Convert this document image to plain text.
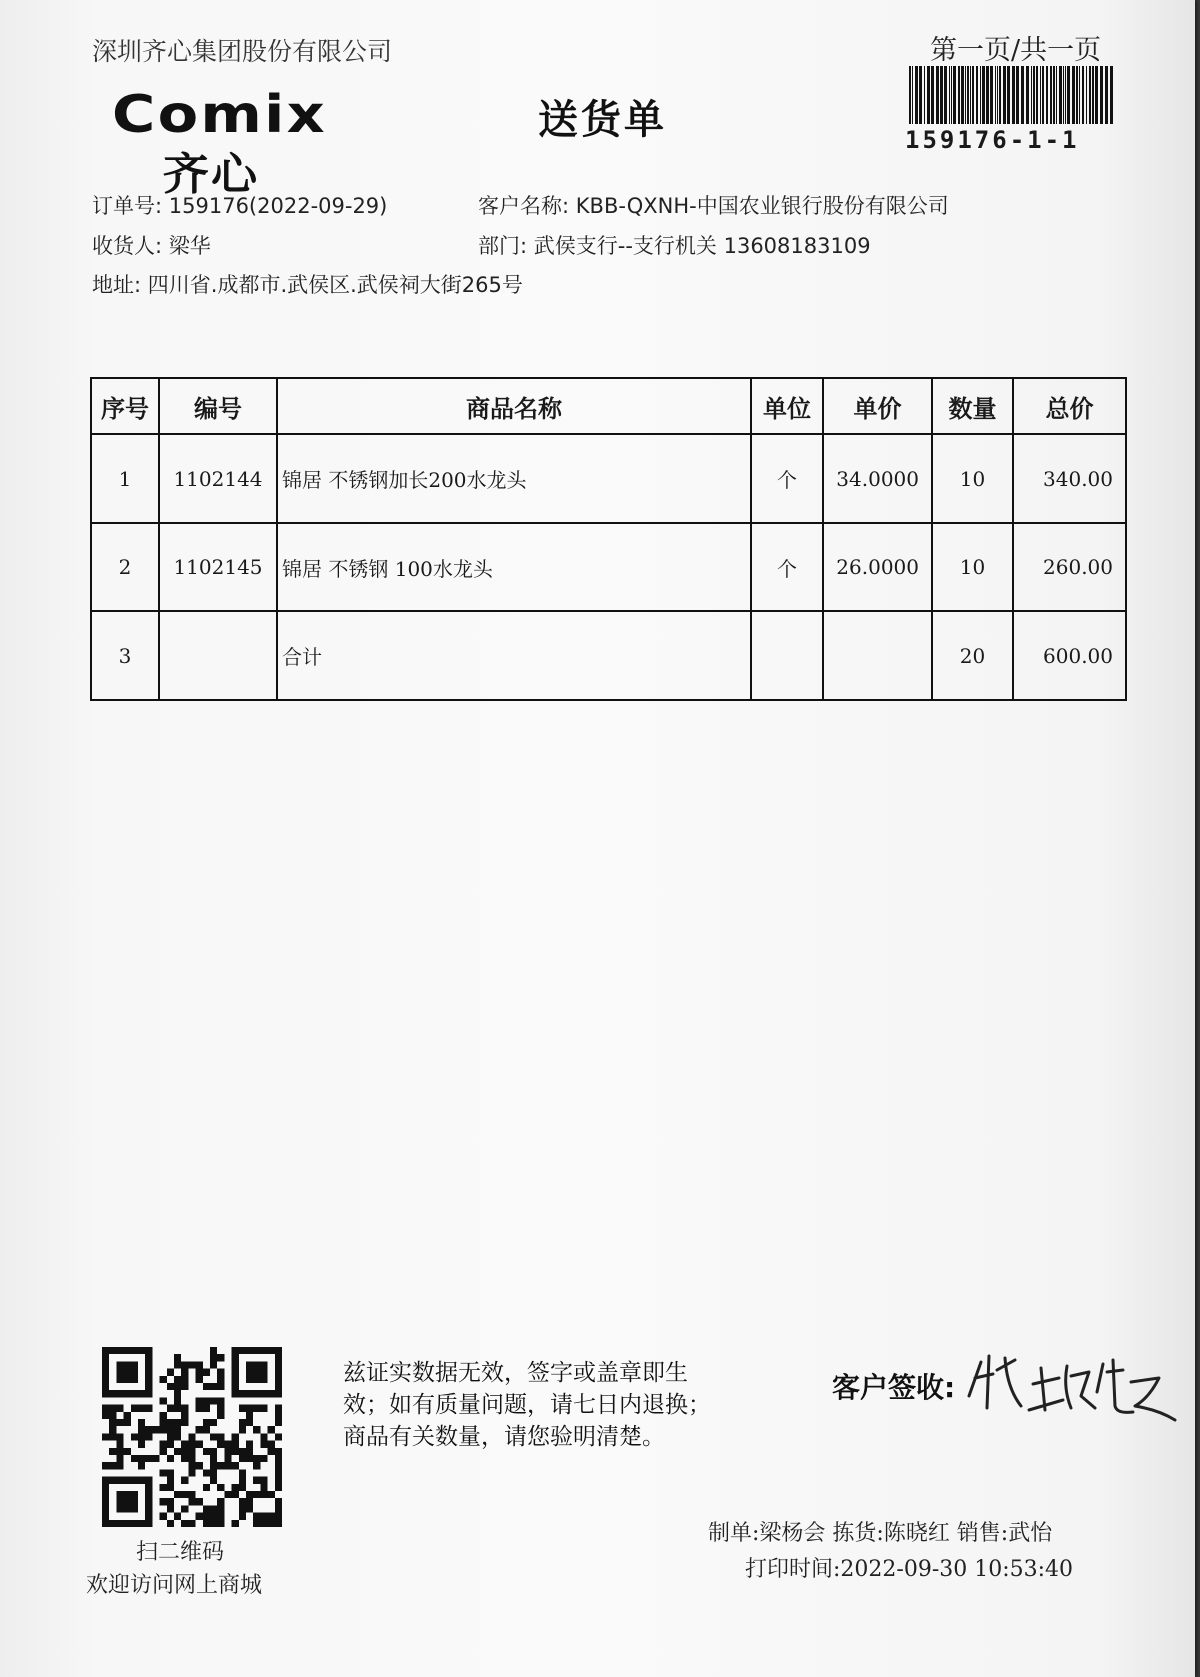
深圳齐心集团股份有限公司	第一页/共一页
159176-1-1
Comix
齐心
送货单
订单号: 159176(2022-09-29)	客户名称: KBB-QXNH-中国农业银行股份有限公司
收货人: 梁华	部门: 武侯支行--支行机关 13608183109
地址: 四川省.成都市.武侯区.武侯祠大街265号
序号	编号	商品名称	单位	单价	数量	总价
1	1102144	锦居 不锈钢加长200水龙头	个	34.0000	10	340.00
2	1102145	锦居 不锈钢 100水龙头	个	26.0000	10	260.00
3		合计			20	600.00
扫二维码
欢迎访问网上商城
兹证实数据无效，签字或盖章即生
效；如有质量问题，请七日内退换；
商品有关数量，请您验明清楚。
客户签收:
制单:梁杨会 拣货:陈晓红 销售:武怡
打印时间:2022-09-30 10:53:40
